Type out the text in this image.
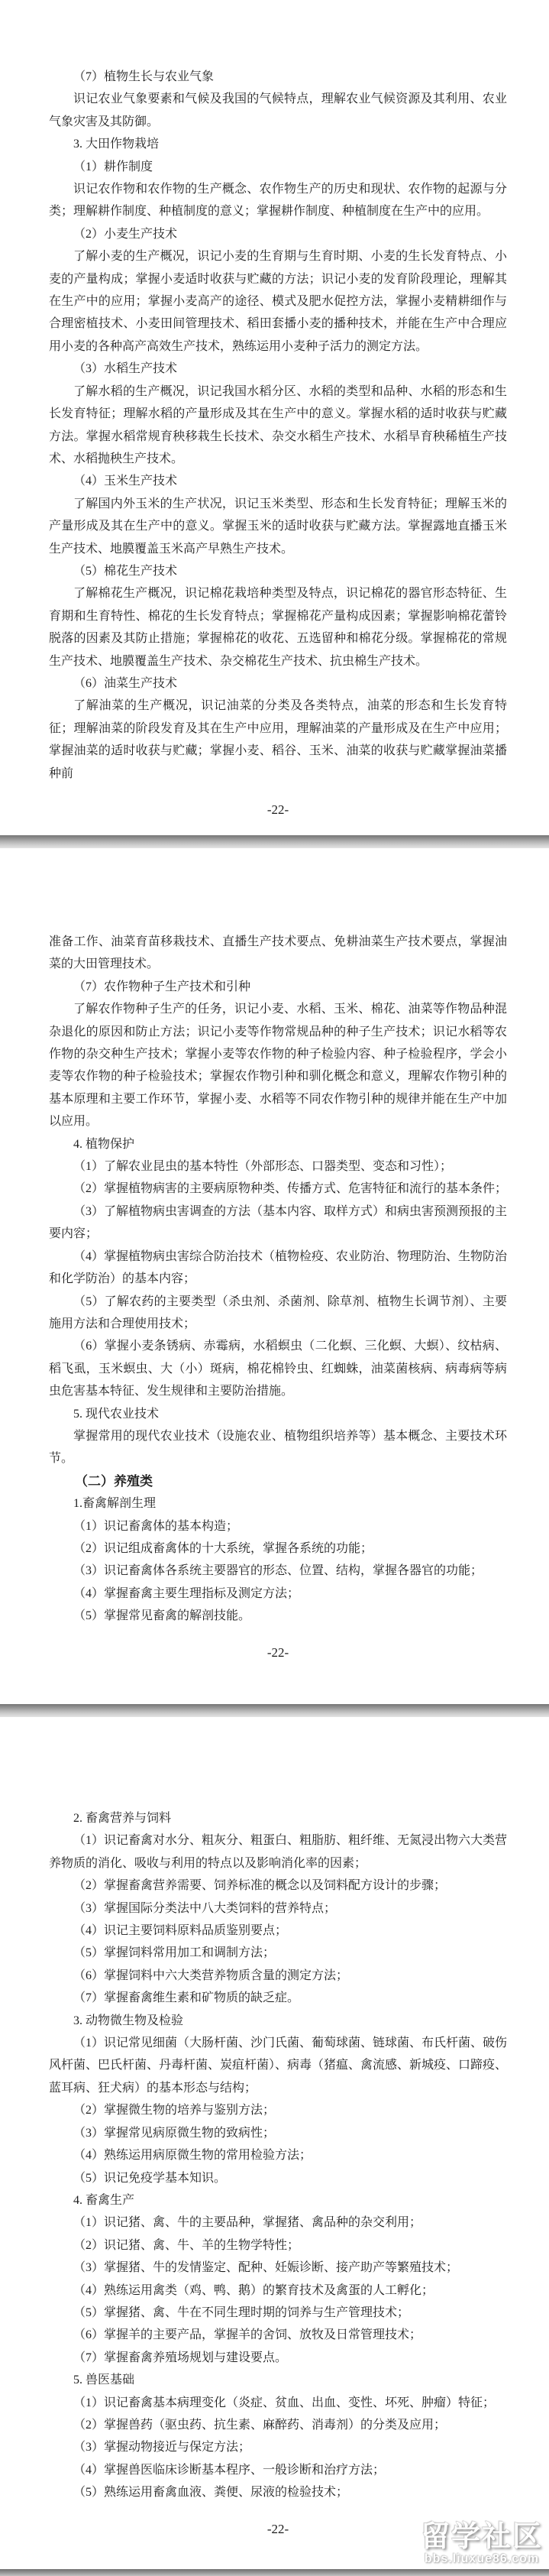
（7）植物生长与农业气象

识记农业气象要素和气候及我国的气候特点，理解农业气候资源及其利用、农业气象灾害及其防御。

3. 大田作物栽培

（1）耕作制度

识记农作物和农作物的生产概念、农作物生产的历史和现状、农作物的起源与分类；理解耕作制度、种植制度的意义；掌握耕作制度、种植制度在生产中的应用。

（2）小麦生产技术

了解小麦的生产概况，识记小麦的生育期与生育时期、小麦的生长发育特点、小麦的产量构成；掌握小麦适时收获与贮藏的方法；识记小麦的发育阶段理论，理解其在生产中的应用；掌握小麦高产的途径、模式及肥水促控方法，掌握小麦精耕细作与合理密植技术、小麦田间管理技术、稻田套播小麦的播种技术，并能在生产中合理应用小麦的各种高产高效生产技术，熟练运用小麦种子活力的测定方法。

（3）水稻生产技术

了解水稻的生产概况，识记我国水稻分区、水稻的类型和品种、水稻的形态和生长发育特征；理解水稻的产量形成及其在生产中的意义。掌握水稻的适时收获与贮藏方法。掌握水稻常规育秧移栽生长技术、杂交水稻生产技术、水稻旱育秧稀植生产技术、水稻抛秧生产技术。

（4）玉米生产技术

了解国内外玉米的生产状况，识记玉米类型、形态和生长发育特征；理解玉米的产量形成及其在生产中的意义。掌握玉米的适时收获与贮藏方法。掌握露地直播玉米生产技术、地膜覆盖玉米高产早熟生产技术。

（5）棉花生产技术

了解棉花生产概况，识记棉花栽培种类型及特点，识记棉花的器官形态特征、生育期和生育特性、棉花的生长发育特点；掌握棉花产量构成因素；掌握影响棉花蕾铃脱落的因素及其防止措施；掌握棉花的收花、五选留种和棉花分级。掌握棉花的常规生产技术、地膜覆盖生产技术、杂交棉花生产技术、抗虫棉生产技术。

（6）油菜生产技术

了解油菜的生产概况，识记油菜的分类及各类特点，油菜的形态和生长发育特征；理解油菜的阶段发育及其在生产中应用，理解油菜的产量形成及在生产中应用；掌握油菜的适时收获与贮藏；掌握小麦、稻谷、玉米、油菜的收获与贮藏掌握油菜播种前

-22-

准备工作、油菜育苗移栽技术、直播生产技术要点、免耕油菜生产技术要点，掌握油菜的大田管理技术。

（7）农作物种子生产技术和引种

了解农作物种子生产的任务，识记小麦、水稻、玉米、棉花、油菜等作物品种混杂退化的原因和防止方法；识记小麦等作物常规品种的种子生产技术；识记水稻等农作物的杂交种生产技术；掌握小麦等农作物的种子检验内容、种子检验程序，学会小麦等农作物的种子检验技术；掌握农作物引种和驯化概念和意义，理解农作物引种的基本原理和主要工作环节，掌握小麦、水稻等不同农作物引种的规律并能在生产中加以应用。

4. 植物保护

（1）了解农业昆虫的基本特性（外部形态、口器类型、变态和习性）；

（2）掌握植物病害的主要病原物种类、传播方式、危害特征和流行的基本条件；

（3）了解植物病虫害调查的方法（基本内容、取样方式）和病虫害预测预报的主要内容；

（4）掌握植物病虫害综合防治技术（植物检疫、农业防治、物理防治、生物防治和化学防治）的基本内容；

（5）了解农药的主要类型（杀虫剂、杀菌剂、除草剂、植物生长调节剂）、主要施用方法和合理使用技术；

（6）掌握小麦条锈病、赤霉病，水稻螟虫（二化螟、三化螟、大螟）、纹枯病、稻飞虱，玉米螟虫、大（小）斑病，棉花棉铃虫、红蜘蛛，油菜菌核病、病毒病等病虫危害基本特征、发生规律和主要防治措施。

5. 现代农业技术

掌握常用的现代农业技术（设施农业、植物组织培养等）基本概念、主要技术环节。

（二）养殖类

1.畜禽解剖生理

（1）识记畜禽体的基本构造；

（2）识记组成畜禽体的十大系统，掌握各系统的功能；

（3）识记畜禽体各系统主要器官的形态、位置、结构，掌握各器官的功能；

（4）掌握畜禽主要生理指标及测定方法；

（5）掌握常见畜禽的解剖技能。

-22-

2. 畜禽营养与饲料

（1）识记畜禽对水分、粗灰分、粗蛋白、粗脂肪、粗纤维、无氮浸出物六大类营养物质的消化、吸收与利用的特点以及影响消化率的因素；

（2）掌握畜禽营养需要、饲养标准的概念以及饲料配方设计的步骤；

（3）掌握国际分类法中八大类饲料的营养特点；

（4）识记主要饲料原料品质鉴别要点；

（5）掌握饲料常用加工和调制方法；

（6）掌握饲料中六大类营养物质含量的测定方法；

（7）掌握畜禽维生素和矿物质的缺乏症。

3. 动物微生物及检验

（1）识记常见细菌（大肠杆菌、沙门氏菌、葡萄球菌、链球菌、布氏杆菌、破伤风杆菌、巴氏杆菌、丹毒杆菌、炭疽杆菌）、病毒（猪瘟、禽流感、新城疫、口蹄疫、蓝耳病、狂犬病）的基本形态与结构；

（2）掌握微生物的培养与鉴别方法；

（3）掌握常见病原微生物的致病性；

（4）熟练运用病原微生物的常用检验方法；

（5）识记免疫学基本知识。

4. 畜禽生产

（1）识记猪、禽、牛的主要品种，掌握猪、禽品种的杂交利用；

（2）识记猪、禽、牛、羊的生物学特性；

（3）掌握猪、牛的发情鉴定、配种、妊娠诊断、接产助产等繁殖技术；

（4）熟练运用禽类（鸡、鸭、鹅）的繁育技术及禽蛋的人工孵化；

（5）掌握猪、禽、牛在不同生理时期的饲养与生产管理技术；

（6）掌握羊的主要产品，掌握羊的舍饲、放牧及日常管理技术；

（7）掌握畜禽养殖场规划与建设要点。

5. 兽医基础

（1）识记畜禽基本病理变化（炎症、贫血、出血、变性、坏死、肿瘤）特征；

（2）掌握兽药（驱虫药、抗生素、麻醉药、消毒剂）的分类及应用；

（3）掌握动物接近与保定方法；

（4）掌握兽医临床诊断基本程序、一般诊断和治疗方法；

（5）熟练运用畜禽血液、粪便、尿液的检验技术；

-22-	留学社区
bbs.liuxue86.com
